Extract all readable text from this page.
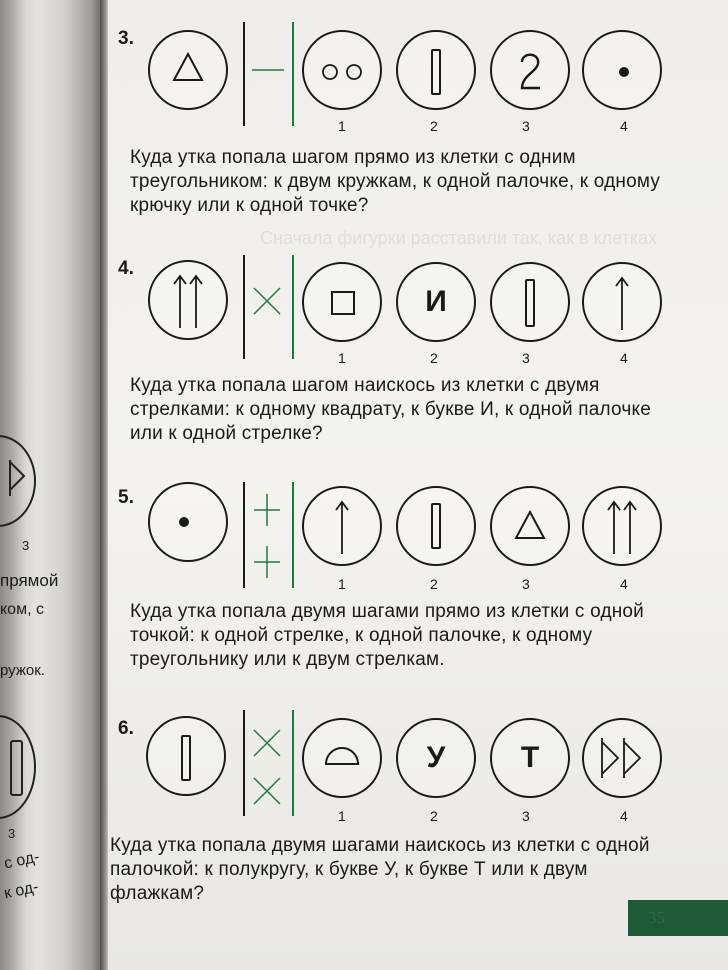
3
прямой
ком, с
ружок.
3
с од-
к од-
Сначала фигурки расставили так, как в клетках
3.
1	2	3	4
Куда утка попала шагом прямо из клетки с одним треугольником: к двум кружкам, к одной палочке, к одному крючку или к одной точке?
4.
И
1	2	3	4
Куда утка попала шагом наискось из клетки с двумя стрелками: к одному квадрату, к букве И, к одной палочке или к одной стрелке?
5.
1	2	3	4
Куда утка попала двумя шагами прямо из клетки с одной точкой: к одной стрелке, к одной палочке, к одному треугольнику или к двум стрелкам.
6.
У	Т
1	2	3	4
Куда утка попала двумя шагами наискось из клетки с одной палочкой: к полукругу, к букве У, к букве Т или к двум флажкам?
35
